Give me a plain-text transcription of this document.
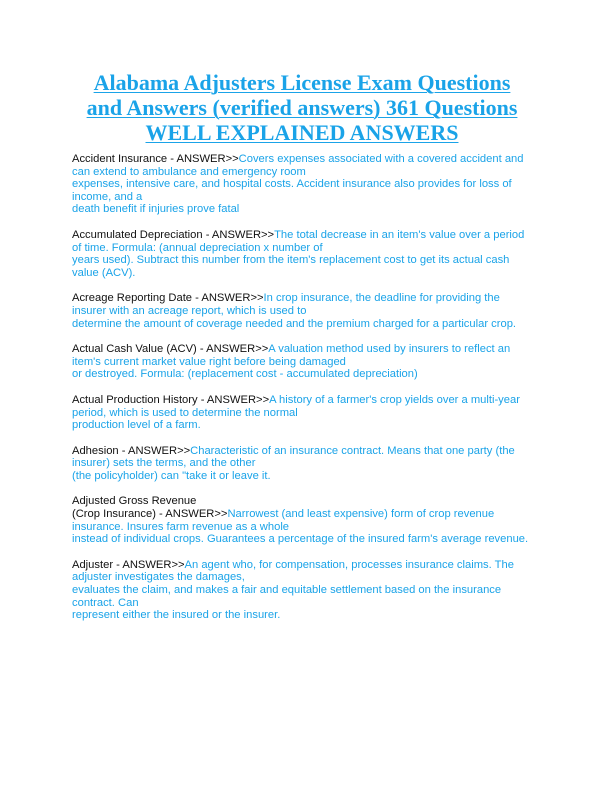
Alabama Adjusters License Exam Questions and Answers (verified answers) 361 Questions WELL EXPLAINED ANSWERS

Accident Insurance - ANSWER>>Covers expenses associated with a covered accident and can extend to ambulance and emergency room
expenses, intensive care, and hospital costs. Accident insurance also provides for loss of income, and a
death benefit if injuries prove fatal

Accumulated Depreciation - ANSWER>>The total decrease in an item's value over a period of time. Formula: (annual depreciation x number of
years used). Subtract this number from the item's replacement cost to get its actual cash value (ACV).

Acreage Reporting Date - ANSWER>>In crop insurance, the deadline for providing the insurer with an acreage report, which is used to
determine the amount of coverage needed and the premium charged for a particular crop.

Actual Cash Value (ACV) - ANSWER>>A valuation method used by insurers to reflect an item's current market value right before being damaged
or destroyed. Formula: (replacement cost - accumulated depreciation)

Actual Production History - ANSWER>>A history of a farmer's crop yields over a multi-year period, which is used to determine the normal
production level of a farm.

Adhesion - ANSWER>>Characteristic of an insurance contract. Means that one party (the insurer) sets the terms, and the other
(the policyholder) can "take it or leave it.

Adjusted Gross Revenue

(Crop Insurance) - ANSWER>>Narrowest (and least expensive) form of crop revenue insurance. Insures farm revenue as a whole
instead of individual crops. Guarantees a percentage of the insured farm's average revenue.

Adjuster - ANSWER>>An agent who, for compensation, processes insurance claims. The adjuster investigates the damages,
evaluates the claim, and makes a fair and equitable settlement based on the insurance contract. Can
represent either the insured or the insurer.
